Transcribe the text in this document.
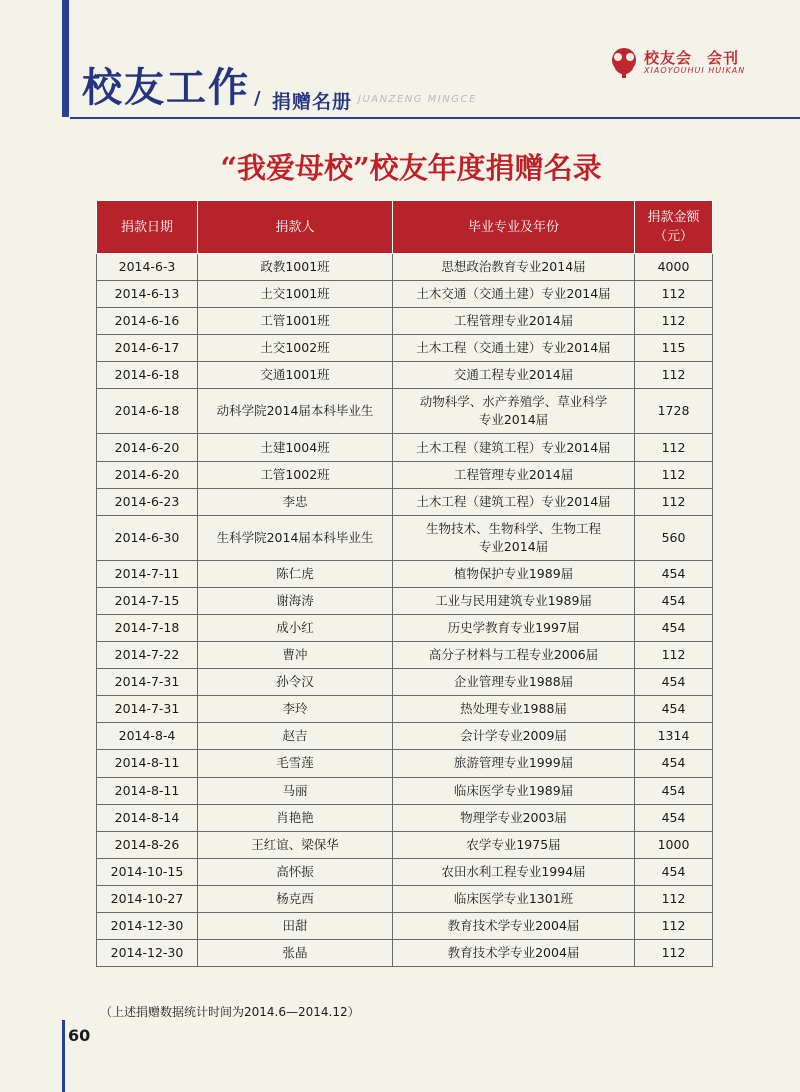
校友工作 / 捐赠名册 JUANZENG MINGCE
校友会 会刊
XIAOYOUHUI HUIKAN
“我爱母校”校友年度捐赠名录
捐款日期	捐款人	毕业专业及年份	捐款金额
（元）
2014-6-3	政教1001班	思想政治教育专业2014届	4000
2014-6-13	土交1001班	土木交通（交通土建）专业2014届	112
2014-6-16	工管1001班	工程管理专业2014届	112
2014-6-17	土交1002班	土木工程（交通土建）专业2014届	115
2014-6-18	交通1001班	交通工程专业2014届	112
2014-6-18	动科学院2014届本科毕业生	动物科学、水产养殖学、草业科学
专业2014届	1728
2014-6-20	土建1004班	土木工程（建筑工程）专业2014届	112
2014-6-20	工管1002班	工程管理专业2014届	112
2014-6-23	李忠	土木工程（建筑工程）专业2014届	112
2014-6-30	生科学院2014届本科毕业生	生物技术、生物科学、生物工程
专业2014届	560
2014-7-11	陈仁虎	植物保护专业1989届	454
2014-7-15	谢海涛	工业与民用建筑专业1989届	454
2014-7-18	成小红	历史学教育专业1997届	454
2014-7-22	曹冲	高分子材料与工程专业2006届	112
2014-7-31	孙令汉	企业管理专业1988届	454
2014-7-31	李玲	热处理专业1988届	454
2014-8-4	赵吉	会计学专业2009届	1314
2014-8-11	毛雪莲	旅游管理专业1999届	454
2014-8-11	马丽	临床医学专业1989届	454
2014-8-14	肖艳艳	物理学专业2003届	454
2014-8-26	王红谊、梁保华	农学专业1975届	1000
2014-10-15	高怀振	农田水利工程专业1994届	454
2014-10-27	杨克西	临床医学专业1301班	112
2014-12-30	田甜	教育技术学专业2004届	112
2014-12-30	张晶	教育技术学专业2004届	112
（上述捐赠数据统计时间为2014.6—2014.12）
60
